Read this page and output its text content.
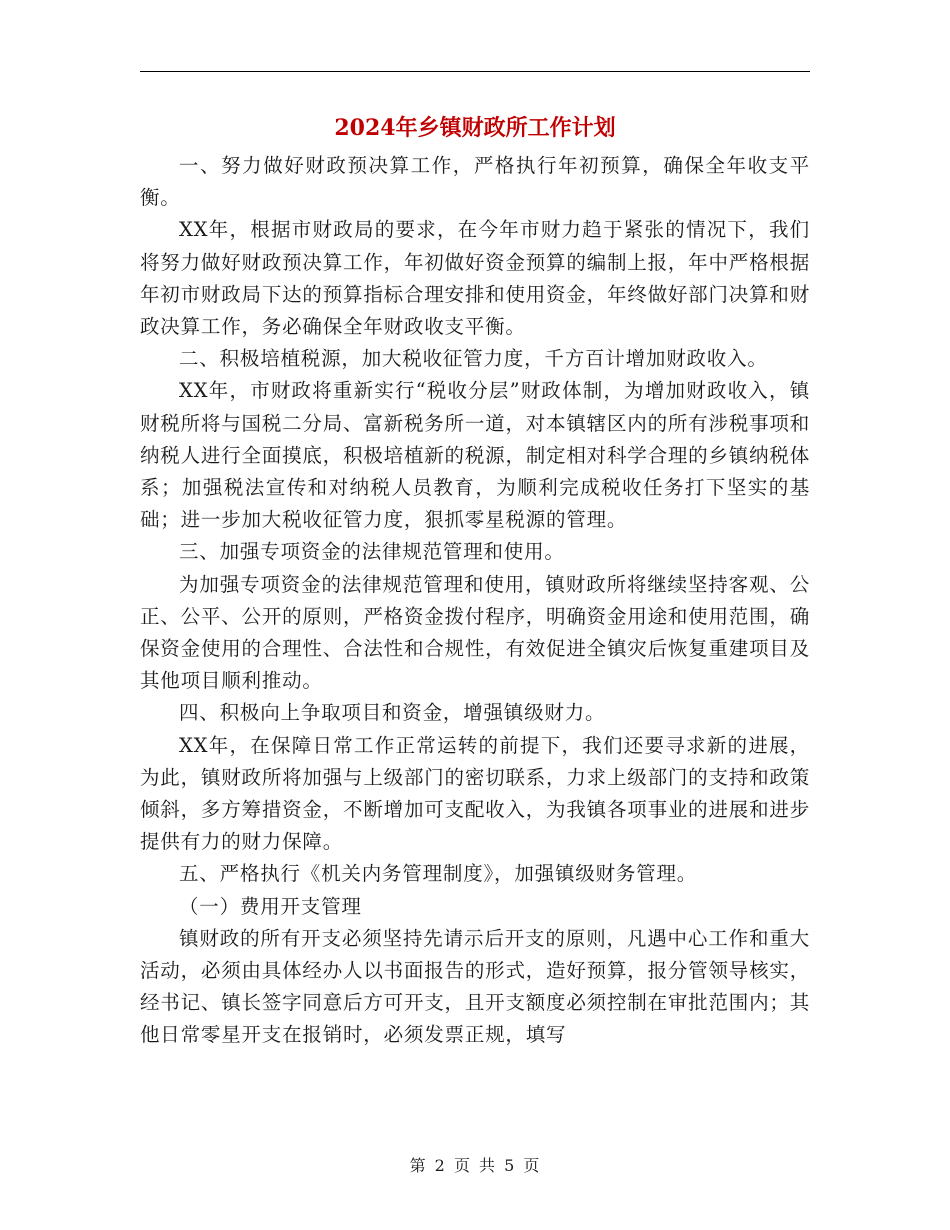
2024年乡镇财政所工作计划

一、努力做好财政预决算工作，严格执行年初预算，确保全年收支平衡。

XX年，根据市财政局的要求，在今年市财力趋于紧张的情况下，我们将努力做好财政预决算工作，年初做好资金预算的编制上报，年中严格根据年初市财政局下达的预算指标合理安排和使用资金，年终做好部门决算和财政决算工作，务必确保全年财政收支平衡。

二、积极培植税源，加大税收征管力度，千方百计增加财政收入。

XX年，市财政将重新实行“税收分层”财政体制，为增加财政收入，镇财税所将与国税二分局、富新税务所一道，对本镇辖区内的所有涉税事项和纳税人进行全面摸底，积极培植新的税源，制定相对科学合理的乡镇纳税体系；加强税法宣传和对纳税人员教育，为顺利完成税收任务打下坚实的基础；进一步加大税收征管力度，狠抓零星税源的管理。

三、加强专项资金的法律规范管理和使用。

为加强专项资金的法律规范管理和使用，镇财政所将继续坚持客观、公正、公平、公开的原则，严格资金拨付程序，明确资金用途和使用范围，确保资金使用的合理性、合法性和合规性，有效促进全镇灾后恢复重建项目及其他项目顺利推动。

四、积极向上争取项目和资金，增强镇级财力。

XX年，在保障日常工作正常运转的前提下，我们还要寻求新的进展，为此，镇财政所将加强与上级部门的密切联系，力求上级部门的支持和政策倾斜，多方筹措资金，不断增加可支配收入，为我镇各项事业的进展和进步提供有力的财力保障。

五、严格执行《机关内务管理制度》，加强镇级财务管理。

（一）费用开支管理

镇财政的所有开支必须坚持先请示后开支的原则，凡遇中心工作和重大活动，必须由具体经办人以书面报告的形式，造好预算，报分管领导核实，经书记、镇长签字同意后方可开支，且开支额度必须控制在审批范围内；其他日常零星开支在报销时，必须发票正规，填写

第 2 页 共 5 页
